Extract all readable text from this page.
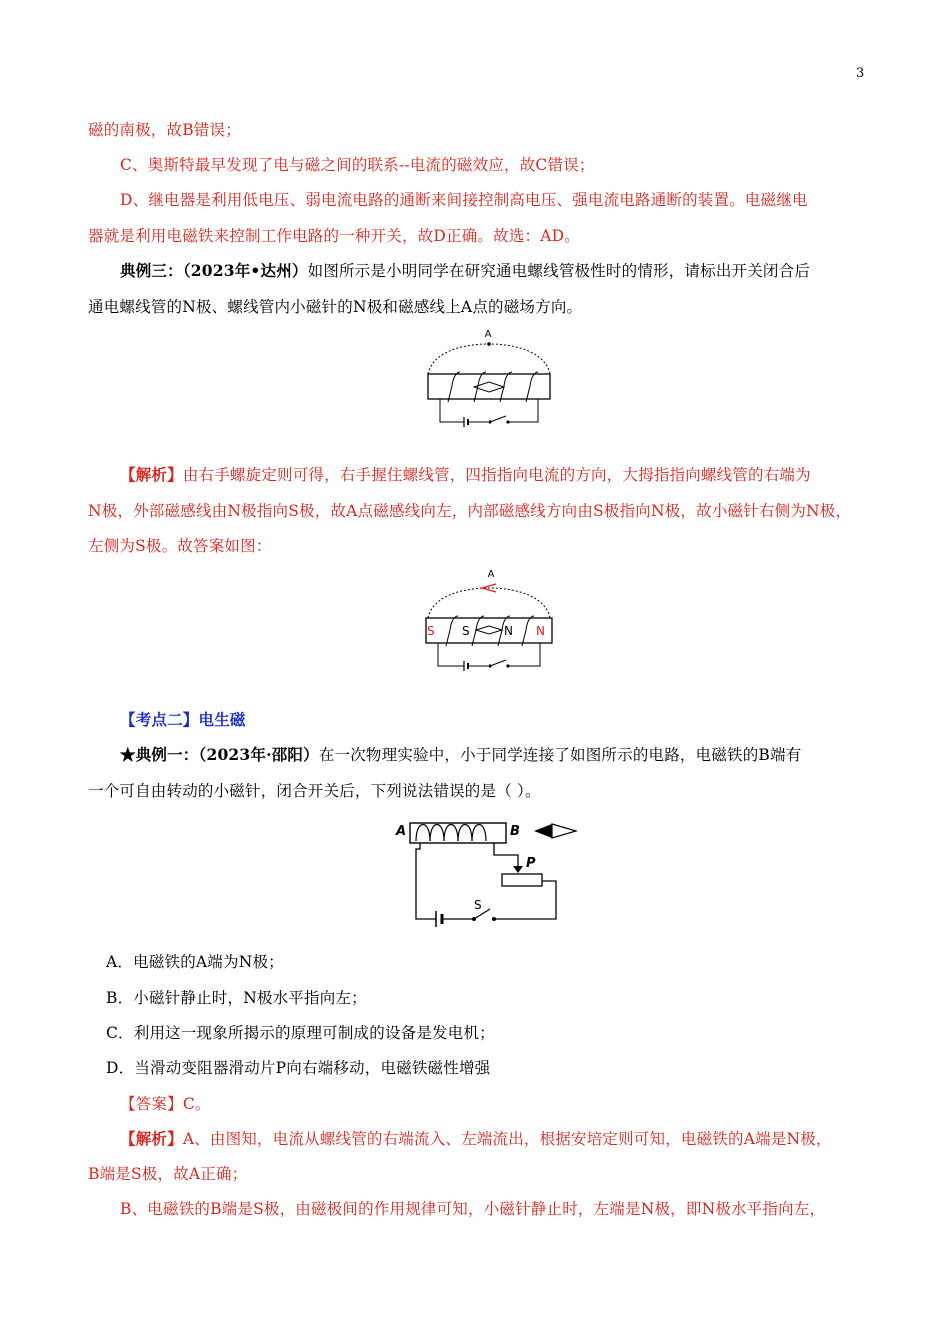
3
磁的南极，故B错误；
C、奥斯特最早发现了电与磁之间的联系--电流的磁效应，故C错误；
D、继电器是利用低电压、弱电流电路的通断来间接控制高电压、强电流电路通断的装置。电磁继电
器就是利用电磁铁来控制工作电路的一种开关，故D正确。故选：AD。
典例三：（2023年•达州）如图所示是小明同学在研究通电螺线管极性时的情形，请标出开关闭合后
通电螺线管的N极、螺线管内小磁针的N极和磁感线上A点的磁场方向。
A
【解析】由右手螺旋定则可得，右手握住螺线管，四指指向电流的方向，大拇指指向螺线管的右端为
N极，外部磁感线由N极指向S极，故A点磁感线向左，内部磁感线方向由S极指向N极，故小磁针右侧为N极，
左侧为S极。故答案如图：
A
S S	N N
【考点二】电生磁
★典例一：（2023年·邵阳）在一次物理实验中，小于同学连接了如图所示的电路，电磁铁的B端有
一个可自由转动的小磁针，闭合开关后，下列说法错误的是（ ）。
A	B
S
P
A．电磁铁的A端为N极；
B．小磁针静止时，N极水平指向左；
C．利用这一现象所揭示的原理可制成的设备是发电机；
D．当滑动变阻器滑动片P向右端移动，电磁铁磁性增强
【答案】C。
【解析】A、由图知，电流从螺线管的右端流入、左端流出，根据安培定则可知，电磁铁的A端是N极，
B端是S极，故A正确；
B、电磁铁的B端是S极，由磁极间的作用规律可知，小磁针静止时，左端是N极，即N极水平指向左，
